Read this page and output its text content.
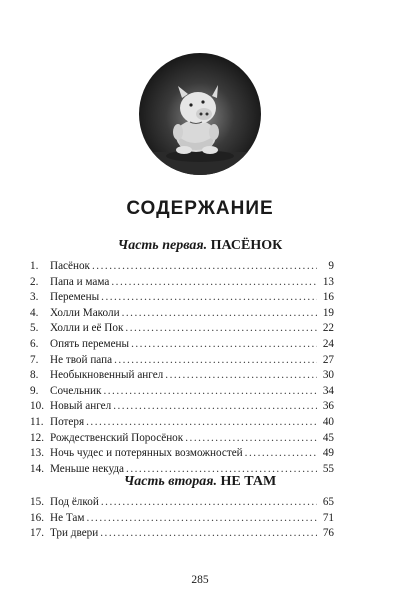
СОДЕРЖАНИЕ
Часть первая. ПАСЁНОК
1.	Пасёнок .....	9
2.	Папа и мама .....	13
3.	Перемены .....	16
4.	Холли Маколи .....	19
5.	Холли и её Пок .....	22
6.	Опять перемены .....	24
7.	Не твой папа .....	27
8.	Необыкновенный ангел .....	30
9.	Сочельник .....	34
10. Новый ангел .....	36
11. Потеря .....	40
12. Рождественский Поросёнок .....	45
13. Ночь чудес и потерянных возможностей .....	49
14. Меньше некуда .....	55
Часть вторая. НЕ ТАМ
15. Под ёлкой .....	65
16. Не Там .....	71
17. Три двери .....	76
285
